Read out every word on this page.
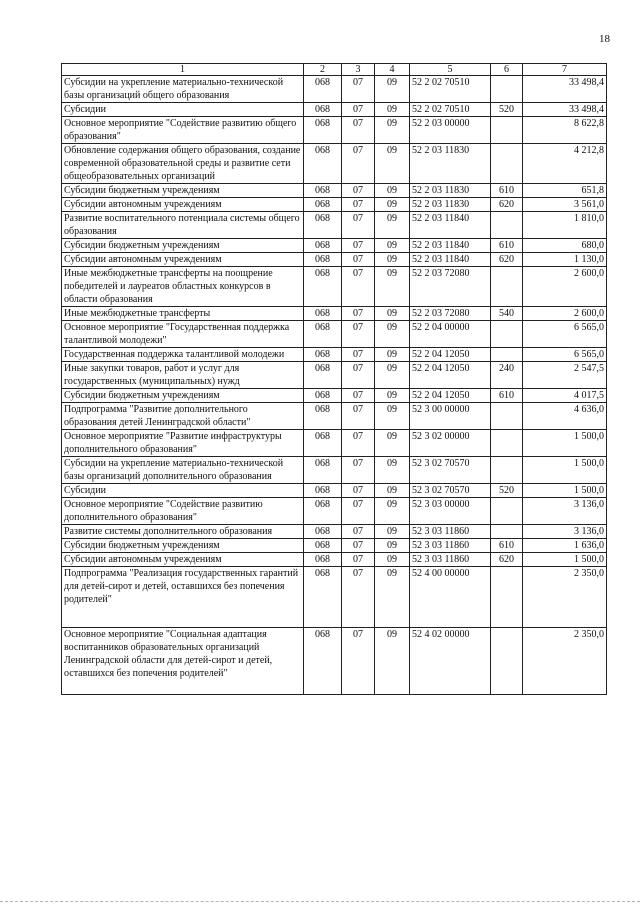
18
1	2	3	4	5	6	7
Субсидии на укрепление материально-технической базы организаций общего образования	068	07	09	52 2 02 70510		33 498,4
Субсидии	068	07	09	52 2 02 70510	520	33 498,4
Основное мероприятие "Содействие развитию общего образования"	068	07	09	52 2 03 00000		8 622,8
Обновление содержания общего образования, создание современной образовательной среды и развитие сети общеобразовательных организаций	068	07	09	52 2 03 11830		4 212,8
Субсидии бюджетным учреждениям	068	07	09	52 2 03 11830	610	651,8
Субсидии автономным учреждениям	068	07	09	52 2 03 11830	620	3 561,0
Развитие воспитательного потенциала системы общего образования	068	07	09	52 2 03 11840		1 810,0
Субсидии бюджетным учреждениям	068	07	09	52 2 03 11840	610	680,0
Субсидии автономным учреждениям	068	07	09	52 2 03 11840	620	1 130,0
Иные межбюджетные трансферты на поощрение победителей и лауреатов областных конкурсов в области образования	068	07	09	52 2 03 72080		2 600,0
Иные межбюджетные трансферты	068	07	09	52 2 03 72080	540	2 600,0
Основное мероприятие "Государственная поддержка талантливой молодежи"	068	07	09	52 2 04 00000		6 565,0
Государственная поддержка талантливой молодежи	068	07	09	52 2 04 12050		6 565,0
Иные закупки товаров, работ и услуг для государственных (муниципальных) нужд	068	07	09	52 2 04 12050	240	2 547,5
Субсидии бюджетным учреждениям	068	07	09	52 2 04 12050	610	4 017,5
Подпрограмма "Развитие дополнительного образования детей Ленинградской области"	068	07	09	52 3 00 00000		4 636,0
Основное мероприятие "Развитие инфраструктуры дополнительного образования"	068	07	09	52 3 02 00000		1 500,0
Субсидии на укрепление материально-технической базы организаций дополнительного образования	068	07	09	52 3 02 70570		1 500,0
Субсидии	068	07	09	52 3 02 70570	520	1 500,0
Основное мероприятие "Содействие развитию дополнительного образования"	068	07	09	52 3 03 00000		3 136,0
Развитие системы дополнительного образования	068	07	09	52 3 03 11860		3 136,0
Субсидии бюджетным учреждениям	068	07	09	52 3 03 11860	610	1 636,0
Субсидии автономным учреждениям	068	07	09	52 3 03 11860	620	1 500,0
Подпрограмма "Реализация государственных гарантий для детей-сирот и детей, оставшихся без попечения родителей"	068	07	09	52 4 00 00000		2 350,0
Основное мероприятие "Социальная адаптация воспитанников образовательных организаций Ленинградской области для детей-сирот и детей, оставшихся без попечения родителей"	068	07	09	52 4 02 00000		2 350,0
